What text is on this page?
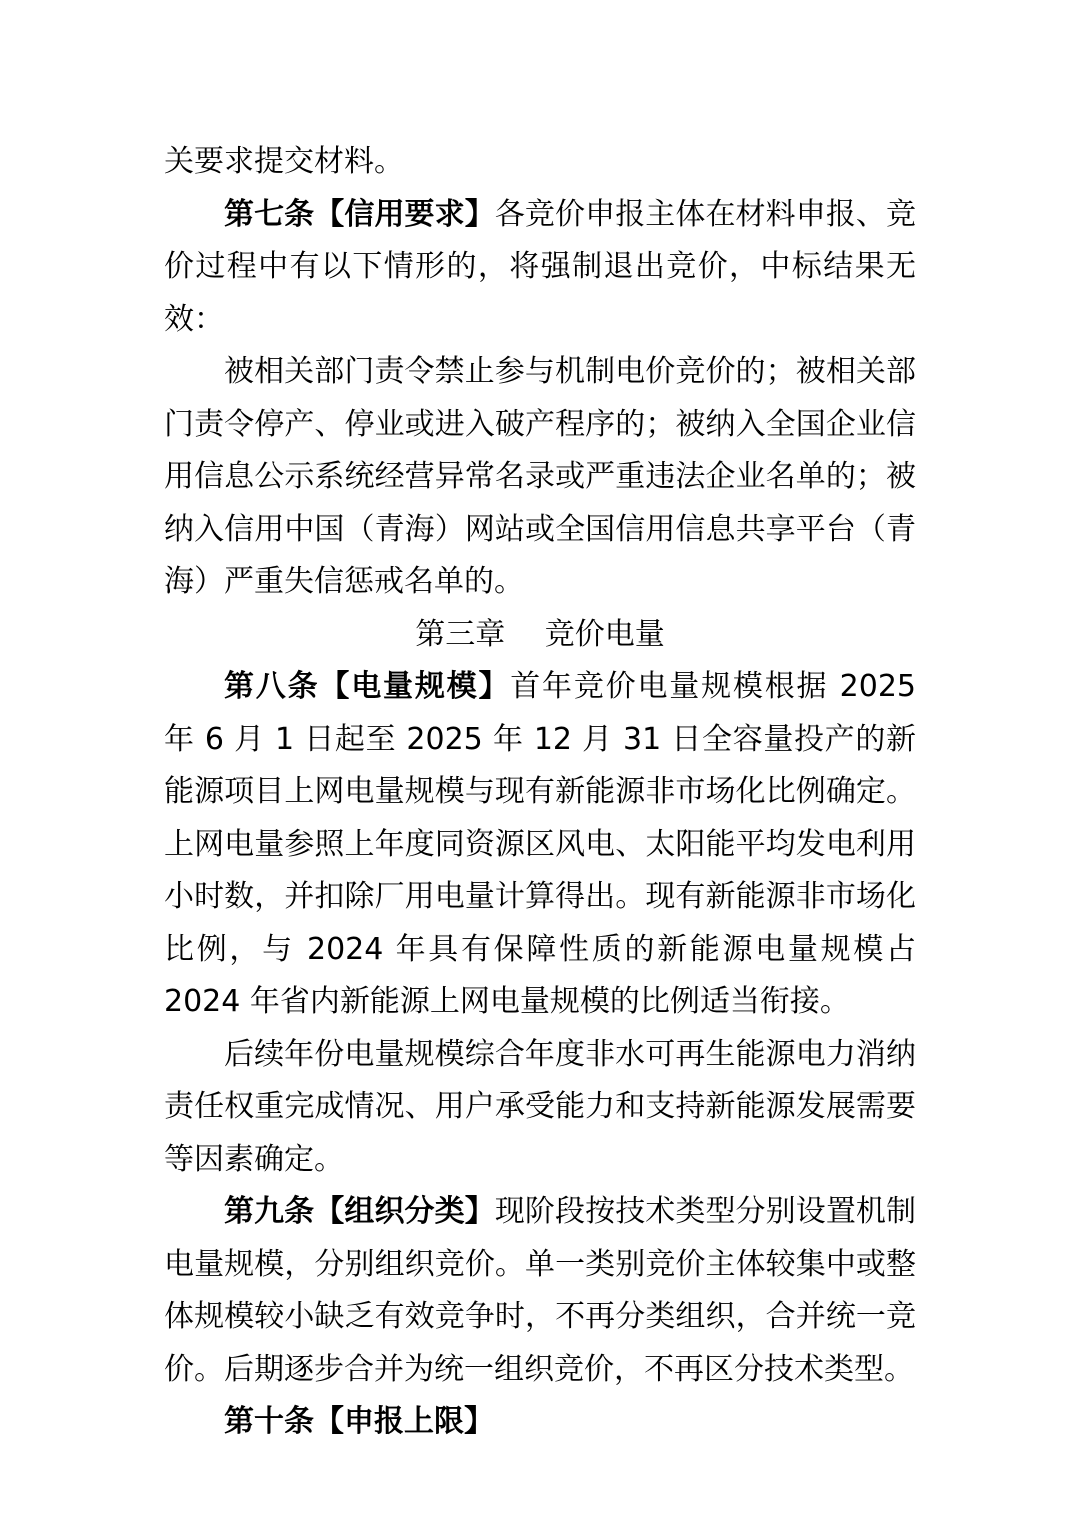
关要求提交材料。

第七条【信用要求】各竞价申报主体在材料申报、竞价过程中有以下情形的，将强制退出竞价，中标结果无效：

被相关部门责令禁止参与机制电价竞价的；被相关部门责令停产、停业或进入破产程序的；被纳入全国企业信用信息公示系统经营异常名录或严重违法企业名单的；被纳入信用中国（青海）网站或全国信用信息共享平台（青海）严重失信惩戒名单的。

第三章　 竞价电量

第八条【电量规模】首年竞价电量规模根据 2025 年 6 月 1 日起至 2025 年 12 月 31 日全容量投产的新能源项目上网电量规模与现有新能源非市场化比例确定。上网电量参照上年度同资源区风电、太阳能平均发电利用小时数，并扣除厂用电量计算得出。现有新能源非市场化比例，与 2024 年具有保障性质的新能源电量规模占 2024 年省内新能源上网电量规模的比例适当衔接。

后续年份电量规模综合年度非水可再生能源电力消纳责任权重完成情况、用户承受能力和支持新能源发展需要等因素确定。

第九条【组织分类】现阶段按技术类型分别设置机制电量规模，分别组织竞价。单一类别竞价主体较集中或整体规模较小缺乏有效竞争时，不再分类组织，合并统一竞价。后期逐步合并为统一组织竞价，不再区分技术类型。

第十条【申报上限】
